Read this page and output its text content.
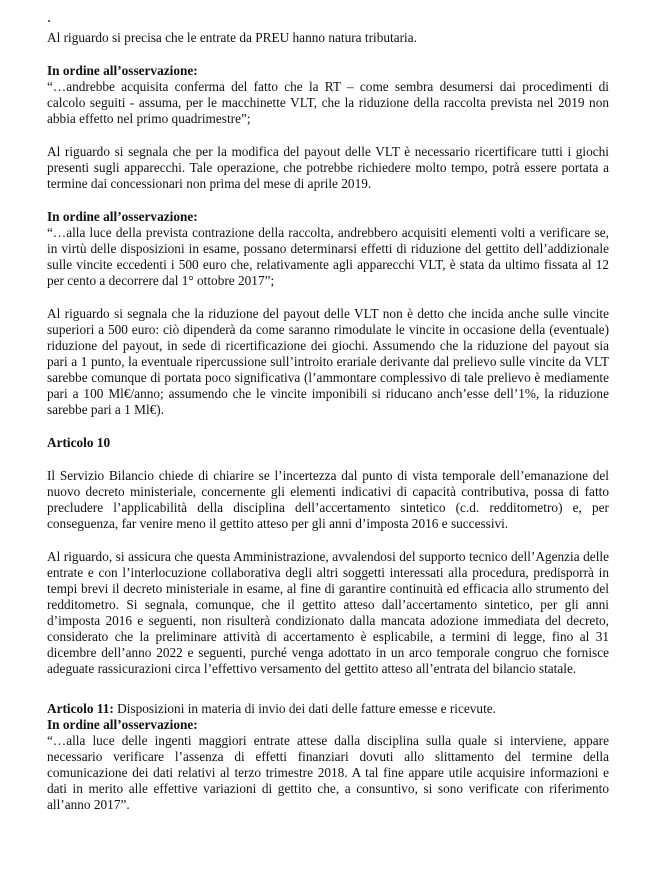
Al riguardo si precisa che le entrate da PREU hanno natura tributaria.

In ordine all’osservazione:

“…andrebbe acquisita conferma del fatto che la RT – come sembra desumersi dai procedimenti di calcolo seguiti - assuma, per le macchinette VLT, che la riduzione della raccolta prevista nel 2019 non abbia effetto nel primo quadrimestre”;

Al riguardo si segnala che per la modifica del payout delle VLT è necessario ricertificare tutti i giochi presenti sugli apparecchi. Tale operazione, che potrebbe richiedere molto tempo, potrà essere portata a termine dai concessionari non prima del mese di aprile 2019.

In ordine all’osservazione:

“…alla luce della prevista contrazione della raccolta, andrebbero acquisiti elementi volti a verificare se, in virtù delle disposizioni in esame, possano determinarsi effetti di riduzione del gettito dell’addizionale sulle vincite eccedenti i 500 euro che, relativamente agli apparecchi VLT, è stata da ultimo fissata al 12 per cento a decorrere dal 1° ottobre 2017”;

Al riguardo si segnala che la riduzione del payout delle VLT non è detto che incida anche sulle vincite superiori a 500 euro: ciò dipenderà da come saranno rimodulate le vincite in occasione della (eventuale) riduzione del payout, in sede di ricertificazione dei giochi. Assumendo che la riduzione del payout sia pari a 1 punto, la eventuale ripercussione sull’introito erariale derivante dal prelievo sulle vincite da VLT sarebbe comunque di portata poco significativa (l’ammontare complessivo di tale prelievo è mediamente pari a 100 Ml€/anno; assumendo che le vincite imponibili si riducano anch’esse dell’1%, la riduzione sarebbe pari a 1 Ml€).

Articolo 10

Il Servizio Bilancio chiede di chiarire se l’incertezza dal punto di vista temporale dell’emanazione del nuovo decreto ministeriale, concernente gli elementi indicativi di capacità contributiva, possa di fatto precludere l’applicabilità della disciplina dell’accertamento sintetico (c.d. redditometro) e, per conseguenza, far venire meno il gettito atteso per gli anni d’imposta 2016 e successivi.

Al riguardo, si assicura che questa Amministrazione, avvalendosi del supporto tecnico dell’Agenzia delle entrate e con l’interlocuzione collaborativa degli altri soggetti interessati alla procedura, predisporrà in tempi brevi il decreto ministeriale in esame, al fine di garantire continuità ed efficacia allo strumento del redditometro. Si segnala, comunque, che il gettito atteso dall’accertamento sintetico, per gli anni d’imposta 2016 e seguenti, non risulterà condizionato dalla mancata adozione immediata del decreto, considerato che la preliminare attività di accertamento è esplicabile, a termini di legge, fino al 31 dicembre dell’anno 2022 e seguenti, purché venga adottato in un arco temporale congruo che fornisce adeguate rassicurazioni circa l’effettivo versamento del gettito atteso all’entrata del bilancio statale.

Articolo 11: Disposizioni in materia di invio dei dati delle fatture emesse e ricevute.

In ordine all’osservazione:

“…alla luce delle ingenti maggiori entrate attese dalla disciplina sulla quale si interviene, appare necessario verificare l’assenza di effetti finanziari dovuti allo slittamento del termine della comunicazione dei dati relativi al terzo trimestre 2018. A tal fine appare utile acquisire informazioni e dati in merito alle effettive variazioni di gettito che, a consuntivo, si sono verificate con riferimento all’anno 2017”.
